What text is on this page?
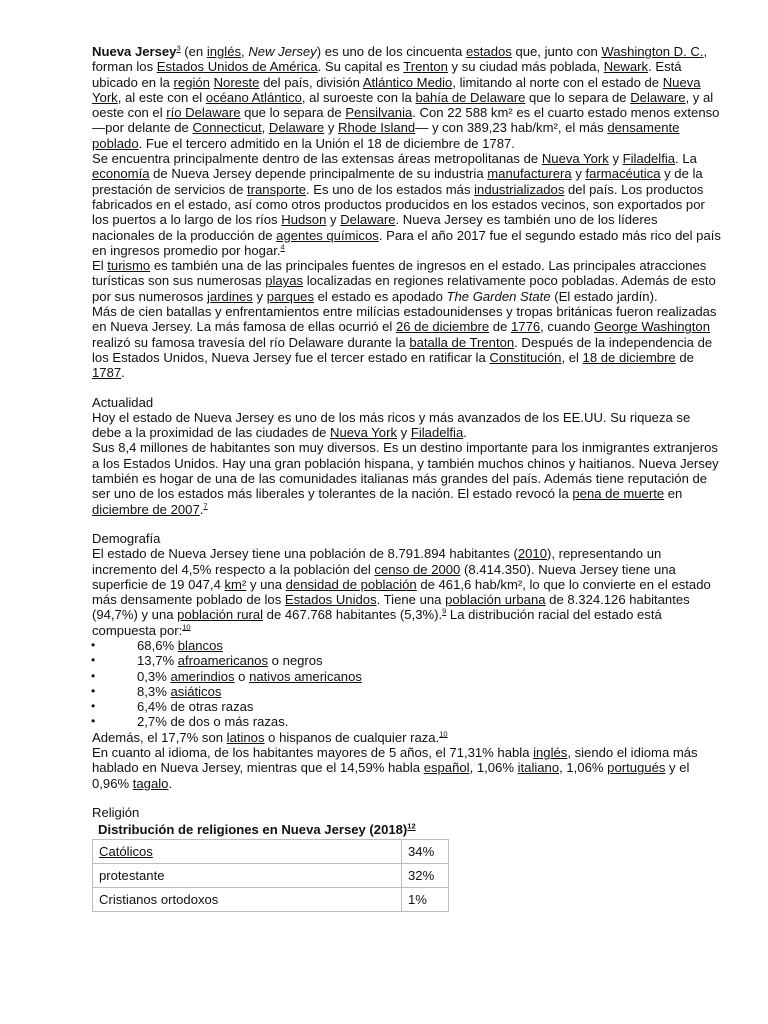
Nueva Jersey$^3$ (en inglés, New Jersey) es uno de los cincuenta estados que, junto con Washington D. C., forman los Estados Unidos de América. Su capital es Trenton y su ciudad más poblada, Newark. Está ubicado en la región Noreste del país, división Atlántico Medio, limitando al norte con el estado de Nueva York, al este con el océano Atlántico, al suroeste con la bahía de Delaware que lo separa de Delaware, y al oeste con el río Delaware que lo separa de Pensilvania. Con 22 588 km² es el cuarto estado menos extenso —por delante de Connecticut, Delaware y Rhode Island— y con 389,23 hab/km², el más densamente poblado. Fue el tercero admitido en la Unión el 18 de diciembre de 1787.

Se encuentra principalmente dentro de las extensas áreas metropolitanas de Nueva York y Filadelfia. La economía de Nueva Jersey depende principalmente de su industria manufacturera y farmacéutica y de la prestación de servicios de transporte. Es uno de los estados más industrializados del país. Los productos fabricados en el estado, así como otros productos producidos en los estados vecinos, son exportados por los puertos a lo largo de los ríos Hudson y Delaware. Nueva Jersey es también uno de los líderes nacionales de la producción de agentes químicos. Para el año 2017 fue el segundo estado más rico del país en ingresos promedio por hogar.$^4$

El turismo es también una de las principales fuentes de ingresos en el estado. Las principales atracciones turísticas son sus numerosas playas localizadas en regiones relativamente poco pobladas. Además de esto por sus numerosos jardines y parques el estado es apodado The Garden State (El estado jardín).

Más de cien batallas y enfrentamientos entre milícias estadounidenses y tropas británicas fueron realizadas en Nueva Jersey. La más famosa de ellas ocurrió el 26 de diciembre de 1776, cuando George Washington realizó su famosa travesía del río Delaware durante la batalla de Trenton. Después de la independencia de los Estados Unidos, Nueva Jersey fue el tercer estado en ratificar la Constitución, el 18 de diciembre de 1787.

Actualidad

Hoy el estado de Nueva Jersey es uno de los más ricos y más avanzados de los EE.UU. Su riqueza se debe a la proximidad de las ciudades de Nueva York y Filadelfia.

Sus 8,4 millones de habitantes son muy diversos. Es un destino importante para los inmigrantes extranjeros a los Estados Unidos. Hay una gran población hispana, y también muchos chinos y haitianos. Nueva Jersey también es hogar de una de las comunidades italianas más grandes del país. Además tiene reputación de ser uno de los estados más liberales y tolerantes de la nación. El estado revocó la pena de muerte en diciembre de 2007.$^7$

Demografía

El estado de Nueva Jersey tiene una población de 8.791.894 habitantes (2010), representando un incremento del 4,5% respecto a la población del censo de 2000 (8.414.350). Nueva Jersey tiene una superficie de 19 047,4 km² y una densidad de población de 461,6 hab/km², lo que lo convierte en el estado más densamente poblado de los Estados Unidos. Tiene una población urbana de 8.324.126 habitantes (94,7%) y una población rural de 467.768 habitantes (5,3%).$^9$ La distribución racial del estado está compuesta por:$^{10}$

• 68,6% blancos
• 13,7% afroamericanos o negros
• 0,3% amerindios o nativos americanos
• 8,3% asiáticos
• 6,4% de otras razas
• 2,7% de dos o más razas.

Además, el 17,7% son latinos o hispanos de cualquier raza.$^{10}$

En cuanto al idioma, de los habitantes mayores de 5 años, el 71,31% habla inglés, siendo el idioma más hablado en Nueva Jersey, mientras que el 14,59% habla español, 1,06% italiano, 1,06% portugués y el 0,96% tagalo.

Religión

Distribución de religiones en Nueva Jersey $(2018)^{12}$
Católicos	34%
protestante	32%
Cristianos ortodoxos	1%
